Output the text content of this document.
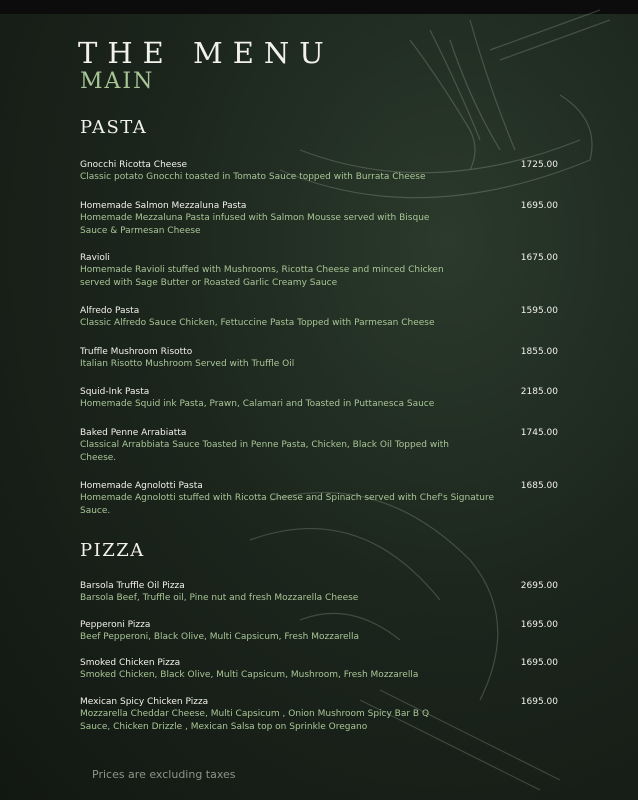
THE MENU
MAIN
PASTA
Gnocchi Ricotta Cheese	1725.00
Classic potato Gnocchi toasted in Tomato Sauce topped with Burrata Cheese
Homemade Salmon Mezzaluna Pasta	1695.00
Homemade Mezzaluna Pasta infused with Salmon Mousse served with Bisque Sauce & Parmesan Cheese
Ravioli	1675.00
Homemade Ravioli stuffed with Mushrooms, Ricotta Cheese and minced Chicken served with Sage Butter or Roasted Garlic Creamy Sauce
Alfredo Pasta	1595.00
Classic Alfredo Sauce Chicken, Fettuccine Pasta Topped with Parmesan Cheese
Truffle Mushroom Risotto	1855.00
Italian Risotto Mushroom Served with Truffle Oil
Squid-Ink Pasta	2185.00
Homemade Squid ink Pasta, Prawn, Calamari and Toasted in Puttanesca Sauce
Baked Penne Arrabiatta	1745.00
Classical Arrabbiata Sauce Toasted in Penne Pasta, Chicken, Black Oil Topped with Cheese.
Homemade Agnolotti Pasta	1685.00
Homemade Agnolotti stuffed with Ricotta Cheese and Spinach served with Chef's Signature Sauce.
PIZZA
Barsola Truffle Oil Pizza	2695.00
Barsola Beef, Truffle oil, Pine nut and fresh Mozzarella Cheese
Pepperoni Pizza	1695.00
Beef Pepperoni, Black Olive, Multi Capsicum, Fresh Mozzarella
Smoked Chicken Pizza	1695.00
Smoked Chicken, Black Olive, Multi Capsicum, Mushroom, Fresh Mozzarella
Mexican Spicy Chicken Pizza	1695.00
Mozzarella Cheddar Cheese, Multi Capsicum , Onion Mushroom Spicy Bar B Q Sauce, Chicken Drizzle , Mexican Salsa top on Sprinkle Oregano
Prices are excluding taxes
